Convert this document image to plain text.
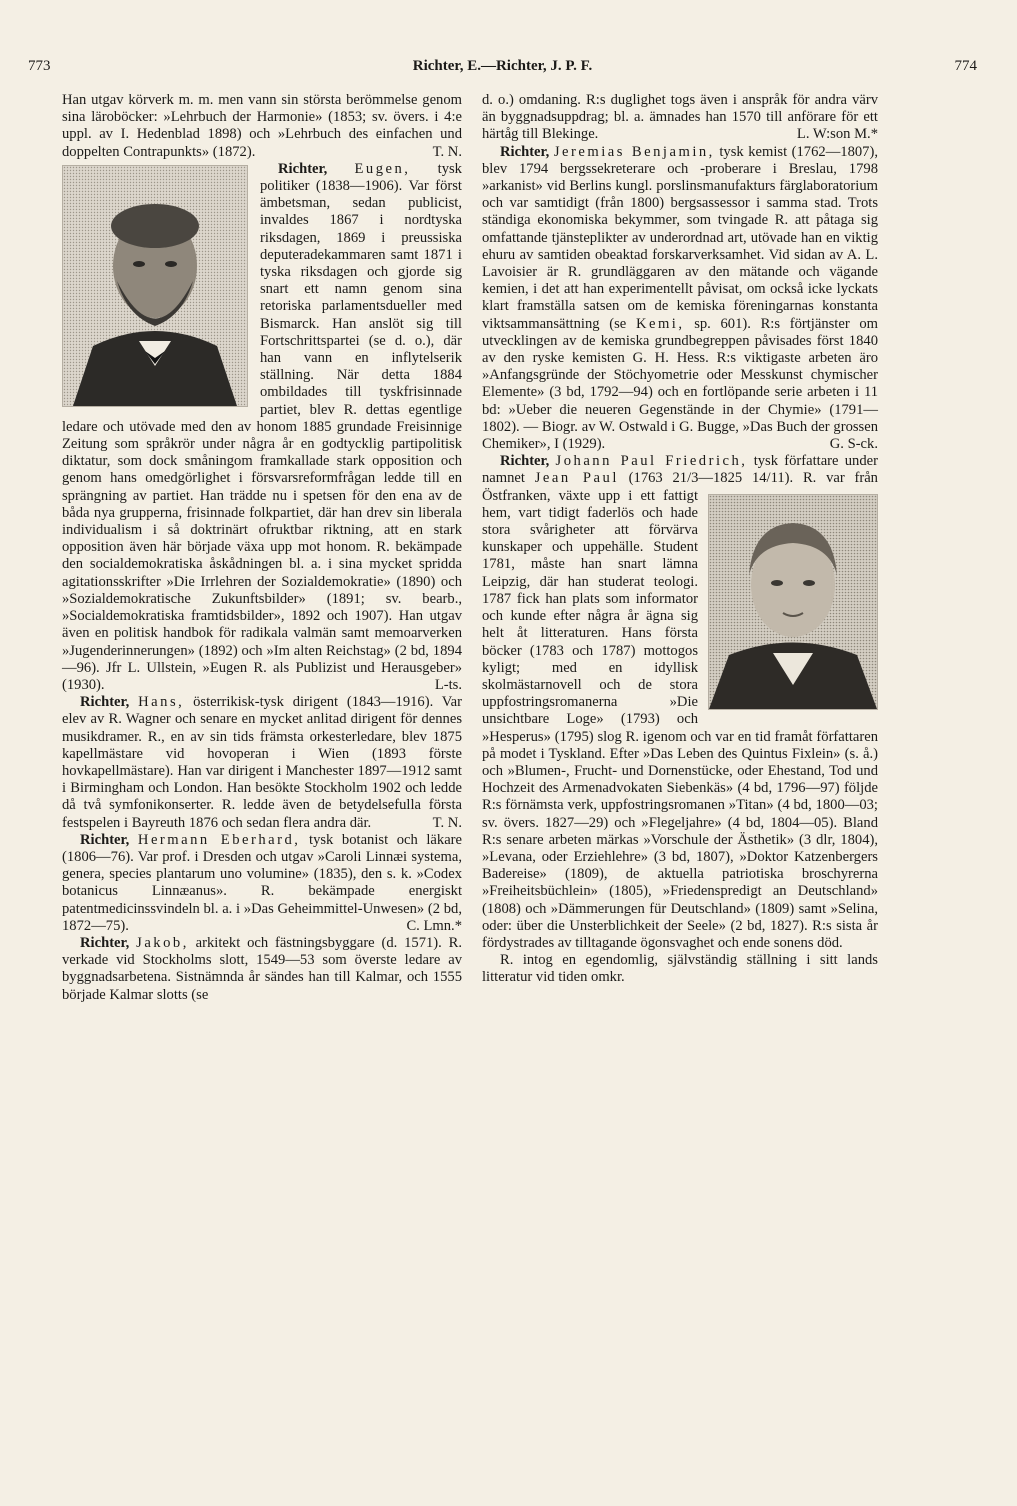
773	Richter, E.—Richter, J. P. F.	774

Han utgav körverk m. m. men vann sin största berömmelse genom sina läroböcker: »Lehrbuch der Harmonie» (1853; sv. övers. i 4:e uppl. av I. Hedenblad 1898) och »Lehrbuch des einfachen und doppelten Contrapunkts» (1872).	T. N.

Richter, Eugen, tysk politiker (1838—1906). Var först ämbetsman, sedan publicist, invaldes 1867 i nordtyska riksdagen, 1869 i preussiska deputeradekammaren samt 1871 i tyska riksdagen och gjorde sig snart ett namn genom sina retoriska parlamentsdueller med Bismarck. Han anslöt sig till Fortschrittspartei (se d. o.), där han vann en inflytelserik ställning. När detta 1884 ombildades till tyskfrisinnade partiet, blev R. dettas egentlige ledare och utövade med den av honom 1885 grundade Freisinnige Zeitung som språkrör under några år en godtycklig partipolitisk diktatur, som dock småningom framkallade stark opposition och genom hans omedgörlighet i försvarsreformfrågan ledde till en sprängning av partiet. Han trädde nu i spetsen för den ena av de båda nya grupperna, frisinnade folkpartiet, där han drev sin liberala individualism i så doktrinärt ofruktbar riktning, att en stark opposition även här började växa upp mot honom. R. bekämpade den socialdemokratiska åskådningen bl. a. i sina mycket spridda agitationsskrifter »Die Irrlehren der Sozialdemokratie» (1890) och »Sozialdemokratische Zukunftsbilder» (1891; sv. bearb., »Socialdemokratiska framtidsbilder», 1892 och 1907). Han utgav även en politisk handbok för radikala valmän samt memoarverken »Jugenderinnerungen» (1892) och »Im alten Reichstag» (2 bd, 1894—96). Jfr L. Ullstein, »Eugen R. als Publizist und Herausgeber» (1930).	L-ts.

Richter, Hans, österrikisk-tysk dirigent (1843—1916). Var elev av R. Wagner och senare en mycket anlitad dirigent för dennes musikdramer. R., en av sin tids främsta orkesterledare, blev 1875 kapellmästare vid hovoperan i Wien (1893 förste hovkapellmästare). Han var dirigent i Manchester 1897—1912 samt i Birmingham och London. Han besökte Stockholm 1902 och ledde då två symfonikonserter. R. ledde även de betydelsefulla första festspelen i Bayreuth 1876 och sedan flera andra där.	T. N.

Richter, Hermann Eberhard, tysk botanist och läkare (1806—76). Var prof. i Dresden och utgav »Caroli Linnæi systema, genera, species plantarum uno volumine» (1835), den s. k. »Codex botanicus Linnæanus». R. bekämpade energiskt patentmedicinssvindeln bl. a. i »Das Geheimmittel-Unwesen» (2 bd, 1872—75).	C. Lmn.*

Richter, Jakob, arkitekt och fästningsbyggare (d. 1571). R. verkade vid Stockholms slott, 1549—53 som överste ledare av byggnadsarbetena. Sistnämnda år sändes han till Kalmar, och 1555 började Kalmar slotts (se

d. o.) omdaning. R:s duglighet togs även i anspråk för andra värv än byggnadsuppdrag; bl. a. ämnades han 1570 till anförare för ett härtåg till Blekinge.	L. W:son M.*

Richter, Jeremias Benjamin, tysk kemist (1762—1807), blev 1794 bergssekreterare och -proberare i Breslau, 1798 »arkanist» vid Berlins kungl. porslinsmanufakturs färglaboratorium och var samtidigt (från 1800) bergsassessor i samma stad. Trots ständiga ekonomiska bekymmer, som tvingade R. att påtaga sig omfattande tjänsteplikter av underordnad art, utövade han en viktig ehuru av samtiden obeaktad forskarverksamhet. Vid sidan av A. L. Lavoisier är R. grundläggaren av den mätande och vägande kemien, i det att han experimentellt påvisat, om också icke lyckats klart framställa satsen om de kemiska föreningarnas konstanta viktsammansättning (se Kemi, sp. 601). R:s förtjänster om utvecklingen av de kemiska grundbegreppen påvisades först 1840 av den ryske kemisten G. H. Hess. R:s viktigaste arbeten äro »Anfangsgründe der Stöchyometrie oder Messkunst chymischer Elemente» (3 bd, 1792—94) och en fortlöpande serie arbeten i 11 bd: »Ueber die neueren Gegenstände in der Chymie» (1791—1802). — Biogr. av W. Ostwald i G. Bugge, »Das Buch der grossen Chemiker», I (1929).	G. S-ck.

Richter, Johann Paul Friedrich, tysk författare under namnet Jean Paul (1763 21/3—1825 14/11). R. var från Östfranken, växte upp i ett fattigt hem, vart tidigt faderlös och hade stora svårigheter att förvärva kunskaper och uppehälle. Student 1781, måste han snart lämna Leipzig, där han studerat teologi. 1787 fick han plats som informator och kunde efter några år ägna sig helt åt litteraturen. Hans första böcker (1783 och 1787) mottogos kyligt; med en idyllisk skolmästarnovell och de stora uppfostringsromanerna »Die unsichtbare Loge» (1793) och »Hesperus» (1795) slog R. igenom och var en tid framåt författaren på modet i Tyskland. Efter »Das Leben des Quintus Fixlein» (s. å.) och »Blumen-, Frucht- und Dornenstücke, oder Ehestand, Tod und Hochzeit des Armenadvokaten Siebenkäs» (4 bd, 1796—97) följde R:s förnämsta verk, uppfostringsromanen »Titan» (4 bd, 1800—03; sv. övers. 1827—29) och »Flegeljahre» (4 bd, 1804—05). Bland R:s senare arbeten märkas »Vorschule der Ästhetik» (3 dlr, 1804), »Levana, oder Erziehlehre» (3 bd, 1807), »Doktor Katzenbergers Badereise» (1809), de aktuella patriotiska broschyrerna »Freiheitsbüchlein» (1805), »Friedenspredigt an Deutschland» (1808) och »Dämmerungen für Deutschland» (1809) samt »Selina, oder: über die Unsterblichkeit der Seele» (2 bd, 1827). R:s sista år fördystrades av tilltagande ögonsvaghet och ende sonens död.

R. intog en egendomlig, självständig ställning i sitt lands litteratur vid tiden omkr.
